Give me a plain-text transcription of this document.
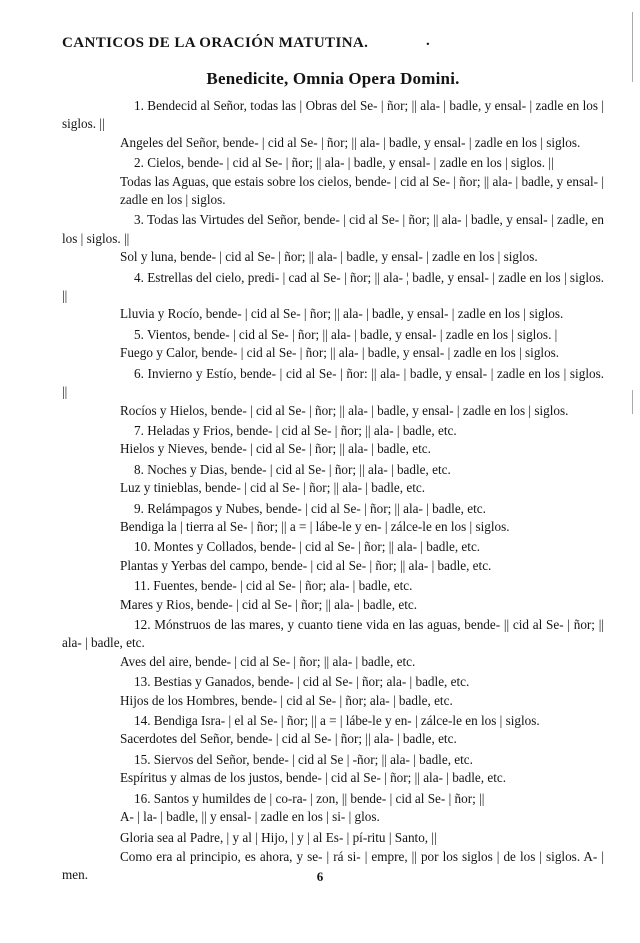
CANTICOS DE LA ORACIÓN MATUTINA.	.
Benedicite, Omnia Opera Domini.

1. Bendecid al Señor, todas las | Obras del Se- | ñor; || ala- | badle, y ensal- | zadle en los | siglos. ||

Angeles del Señor, bende- | cid al Se- | ñor; || ala- | badle, y ensal- | zadle en los | siglos.

2. Cielos, bende- | cid al Se- | ñor; || ala- | badle, y ensal- | zadle en los | siglos. ||

Todas las Aguas, que estais sobre los cielos, bende- | cid al Se- | ñor; || ala- | badle, y ensal- | zadle en los | siglos.

3. Todas las Virtudes del Señor, bende- | cid al Se- | ñor; || ala- | badle, y ensal- | zadle, en los | siglos. ||

Sol y luna, bende- | cid al Se- | ñor; || ala- | badle, y ensal- | zadle en los | siglos.

4. Estrellas del cielo, predi- | cad al Se- | ñor; || ala- ¦ badle, y ensal- | zadle en los | siglos. ||

Lluvia y Rocío, bende- | cid al Se- | ñor; || ala- | badle, y ensal- | zadle en los | siglos.

5. Vientos, bende- | cid al Se- | ñor; || ala- | badle, y ensal- | zadle en los | siglos. |

Fuego y Calor, bende- | cid al Se- | ñor; || ala- | badle, y ensal- | zadle en los | siglos.

6. Invierno y Estío, bende- | cid al Se- | ñor: || ala- | badle, y ensal- | zadle en los | siglos. ||

Rocíos y Hielos, bende- | cid al Se- | ñor; || ala- | badle, y ensal- | zadle en los | siglos.

7. Heladas y Frios, bende- | cid al Se- | ñor; || ala- | badle, etc.

Hielos y Nieves, bende- | cid al Se- | ñor; || ala- | badle, etc.

8. Noches y Dias, bende- | cid al Se- | ñor; || ala- | badle, etc.

Luz y tinieblas, bende- | cid al Se- | ñor; || ala- | badle, etc.

9. Relámpagos y Nubes, bende- | cid al Se- | ñor; || ala- | badle, etc.

Bendiga la | tierra al Se- | ñor; || a = | lábe-le y en- | zálce-le en los | siglos.

10. Montes y Collados, bende- | cid al Se- | ñor; || ala- | badle, etc.

Plantas y Yerbas del campo, bende- | cid al Se- | ñor; || ala- | badle, etc.

11. Fuentes, bende- | cid al Se- | ñor; ala- | badle, etc.

Mares y Rios, bende- | cid al Se- | ñor; || ala- | badle, etc.

12. Mónstruos de las mares, y cuanto tiene vida en las aguas, bende- || cid al Se- | ñor; || ala- | badle, etc.

Aves del aire, bende- | cid al Se- | ñor; || ala- | badle, etc.

13. Bestias y Ganados, bende- | cid al Se- | ñor; ala- | badle, etc.

Hijos de los Hombres, bende- | cid al Se- | ñor; ala- | badle, etc.

14. Bendiga Isra- | el al Se- | ñor; || a = | lábe-le y en- | zálce-le en los | siglos.

Sacerdotes del Señor, bende- | cid al Se- | ñor; || ala- | badle, etc.

15. Siervos del Señor, bende- | cid al Se | -ñor; || ala- | badle, etc.

Espíritus y almas de los justos, bende- | cid al Se- | ñor; || ala- | badle, etc.

16. Santos y humildes de | co-ra- | zon, || bende- | cid al Se- | ñor; ||

A- | la- | badle, || y ensal- | zadle en los | si- | glos.

Gloria sea al Padre, | y al | Hijo, | y | al Es- | pí-ritu | Santo, ||

Como era al principio, es ahora, y se- | rá si- | empre, || por los siglos | de los | siglos. A- | men.	6
